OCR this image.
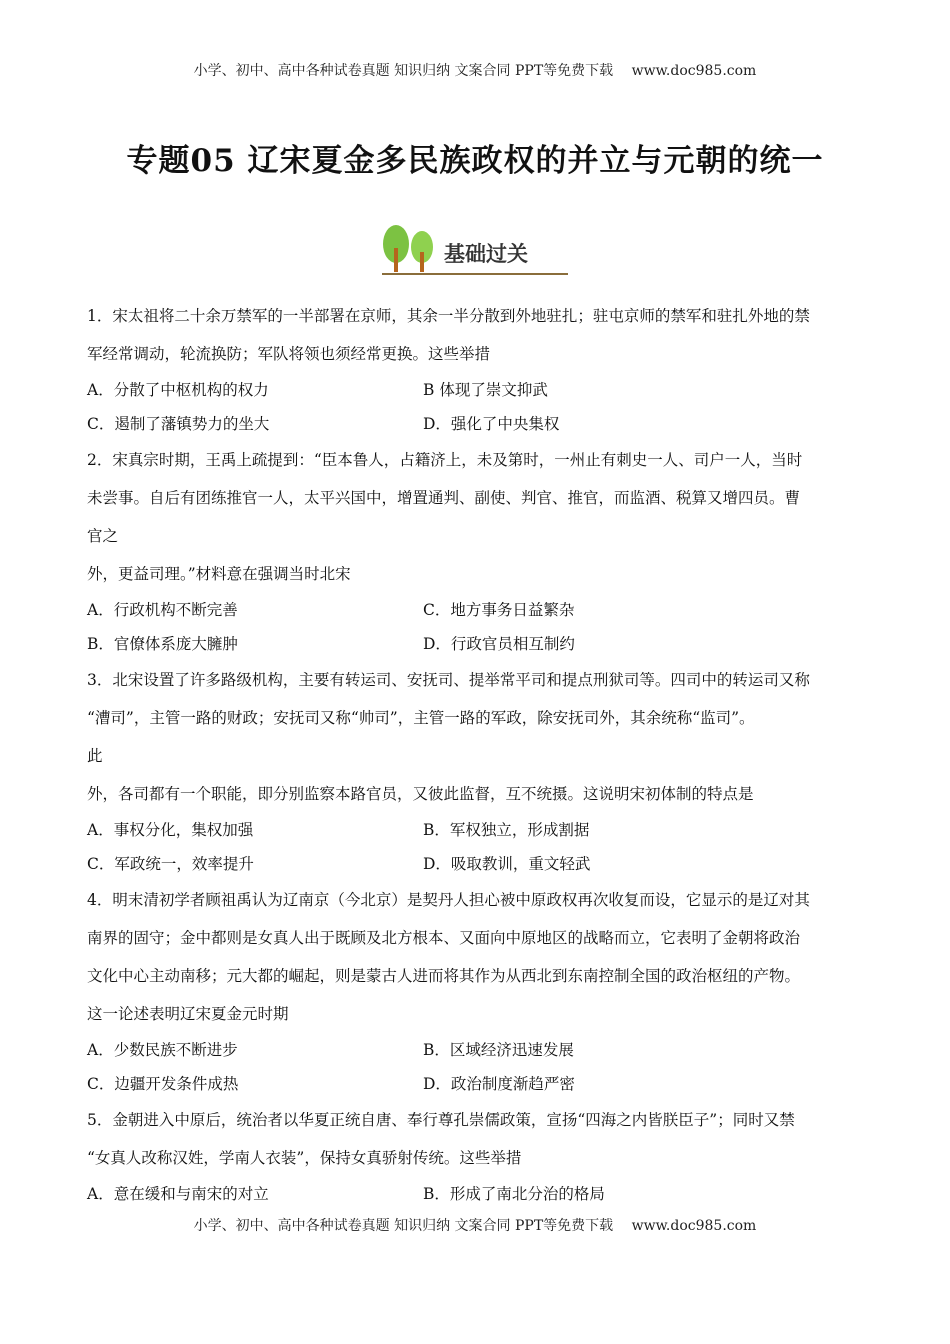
小学、初中、高中各种试卷真题 知识归纳 文案合同 PPT等免费下载　 www.doc985.com
专题05 辽宋夏金多民族政权的并立与元朝的统一
基础过关
1．宋太祖将二十余万禁军的一半部署在京师，其余一半分散到外地驻扎；驻屯京师的禁军和驻扎外地的禁
军经常调动，轮流换防；军队将领也须经常更换。这些举措
A．分散了中枢机构的权力	B 体现了崇文抑武
C．遏制了藩镇势力的坐大	D．强化了中央集权
2．宋真宗时期，王禹上疏提到：“臣本鲁人，占籍济上，未及第时，一州止有刺史一人、司户一人，当时
未尝事。自后有团练推官一人，太平兴国中，增置通判、副使、判官、推官，而监酒、税算又增四员。曹
官之
外，更益司理。”材料意在强调当时北宋
A．行政机构不断完善	C．地方事务日益繁杂
B．官僚体系庞大臃肿	D．行政官员相互制约
3．北宋设置了许多路级机构，主要有转运司、安抚司、提举常平司和提点刑狱司等。四司中的转运司又称
“漕司”，主管一路的财政；安抚司又称“帅司”，主管一路的军政，除安抚司外，其余统称“监司”。
此
外，各司都有一个职能，即分别监察本路官员，又彼此监督，互不统摄。这说明宋初体制的特点是
A．事权分化，集权加强	B．军权独立，形成割据
C．军政统一，效率提升	D．吸取教训，重文轻武
4．明末清初学者顾祖禹认为辽南京（今北京）是契丹人担心被中原政权再次收复而设，它显示的是辽对其
南界的固守；金中都则是女真人出于既顾及北方根本、又面向中原地区的战略而立，它表明了金朝将政治
文化中心主动南移；元大都的崛起，则是蒙古人进而将其作为从西北到东南控制全国的政治枢纽的产物。
这一论述表明辽宋夏金元时期
A．少数民族不断进步	B．区域经济迅速发展
C．边疆开发条件成热	D．政治制度渐趋严密
5．金朝进入中原后，统治者以华夏正统自唐、奉行尊孔崇儒政策，宣扬“四海之内皆朕臣子”；同时又禁
“女真人改称汉姓，学南人衣装”，保持女真骄射传统。这些举措
A．意在缓和与南宋的对立	B．形成了南北分治的格局
小学、初中、高中各种试卷真题 知识归纳 文案合同 PPT等免费下载　 www.doc985.com
